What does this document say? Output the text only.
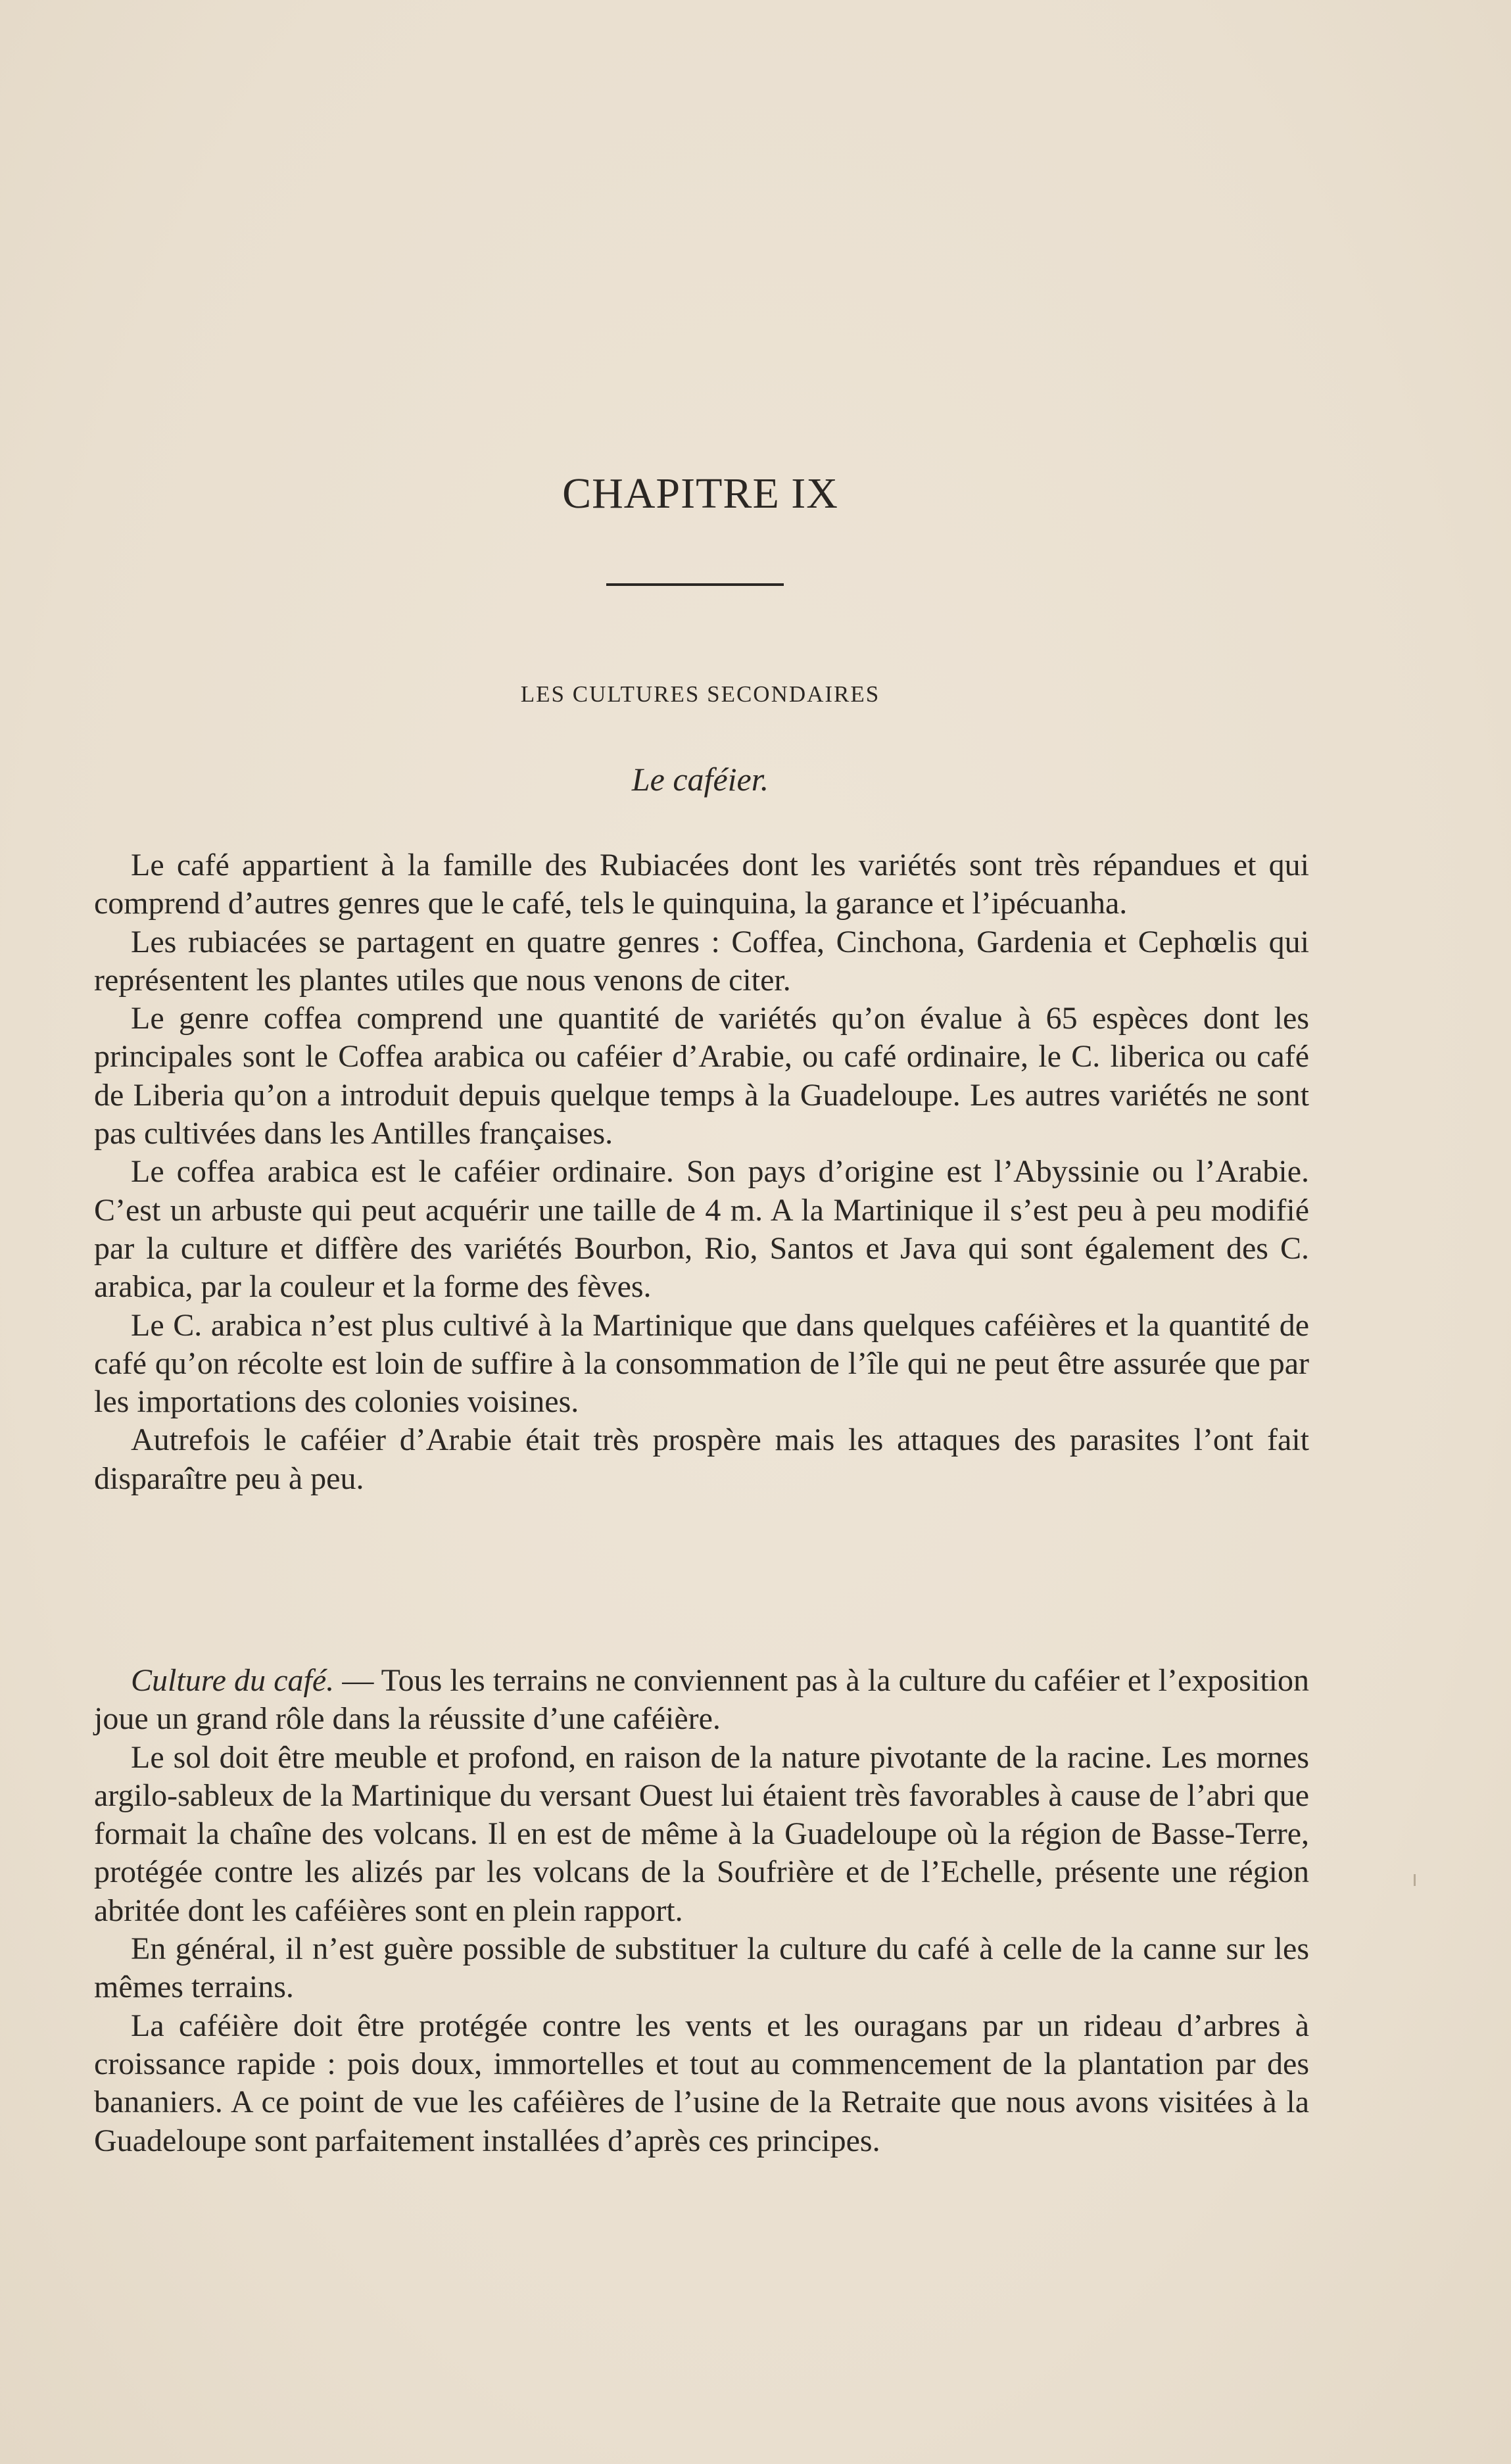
CHAPITRE IX
LES CULTURES SECONDAIRES
Le caféier.

Le café appartient à la famille des Rubiacées dont les variétés sont très répandues et qui comprend d’autres genres que le café, tels le quinquina, la garance et l’ipécuanha.

Les rubiacées se partagent en quatre genres : Coffea, Cinchona, Gardenia et Cephœlis qui représentent les plantes utiles que nous venons de citer.

Le genre coffea comprend une quantité de variétés qu’on évalue à 65 espèces dont les principales sont le Coffea arabica ou caféier d’Arabie, ou café ordinaire, le C. liberica ou café de Liberia qu’on a introduit depuis quelque temps à la Guadeloupe. Les autres variétés ne sont pas cultivées dans les Antilles françaises.

Le coffea arabica est le caféier ordinaire. Son pays d’origine est l’Abyssinie ou l’Arabie. C’est un arbuste qui peut acquérir une taille de 4 m. A la Martinique il s’est peu à peu modifié par la culture et diffère des variétés Bourbon, Rio, Santos et Java qui sont également des C. arabica, par la couleur et la forme des fèves.

Le C. arabica n’est plus cultivé à la Martinique que dans quelques caféières et la quantité de café qu’on récolte est loin de suffire à la consommation de l’île qui ne peut être assurée que par les importations des colonies voisines.

Autrefois le caféier d’Arabie était très prospère mais les attaques des parasites l’ont fait disparaître peu à peu.

Culture du café. — Tous les terrains ne conviennent pas à la culture du caféier et l’exposition joue un grand rôle dans la réussite d’une caféière.

Le sol doit être meuble et profond, en raison de la nature pivotante de la racine. Les mornes argilo-sableux de la Martinique du versant Ouest lui étaient très favorables à cause de l’abri que formait la chaîne des volcans. Il en est de même à la Guadeloupe où la région de Basse-Terre, protégée contre les alizés par les volcans de la Soufrière et de l’Echelle, présente une région abritée dont les caféières sont en plein rapport.

En général, il n’est guère possible de substituer la culture du café à celle de la canne sur les mêmes terrains.

La caféière doit être protégée contre les vents et les ouragans par un rideau d’arbres à croissance rapide : pois doux, immortelles et tout au commencement de la plantation par des bananiers. A ce point de vue les caféières de l’usine de la Retraite que nous avons visitées à la Guadeloupe sont parfaitement installées d’après ces principes.
